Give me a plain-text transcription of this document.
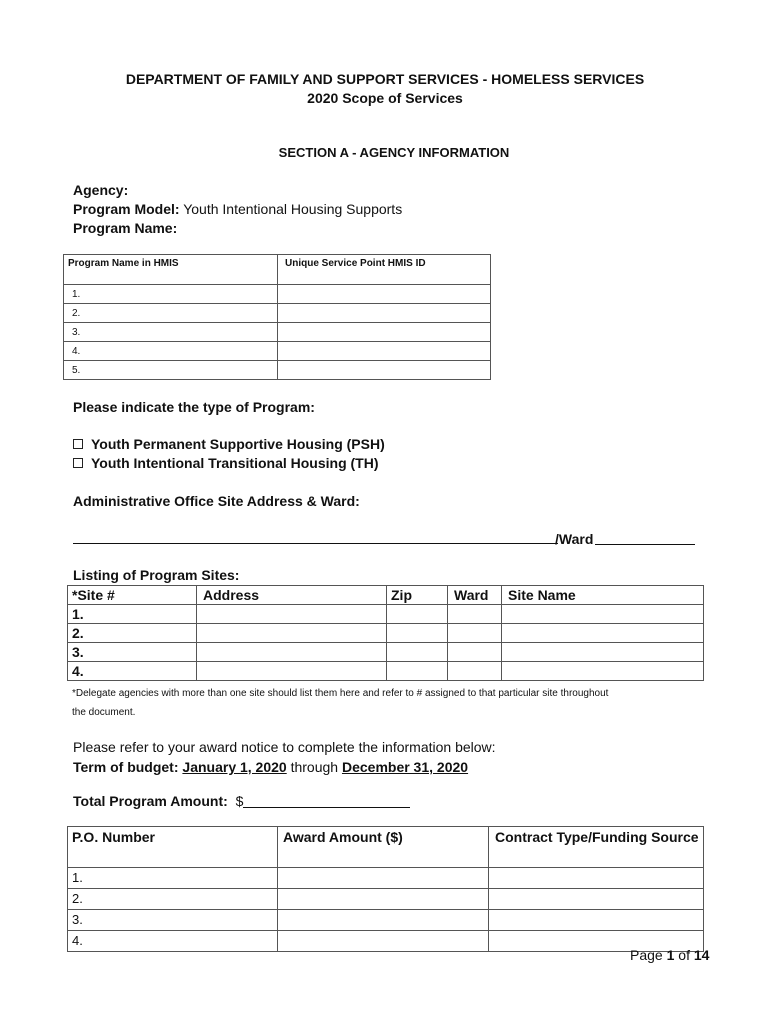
DEPARTMENT OF FAMILY AND SUPPORT SERVICES - HOMELESS SERVICES
2020 Scope of Services
SECTION A - AGENCY INFORMATION
Agency:
Program Model: Youth Intentional Housing Supports
Program Name:
Program Name in HMIS	Unique Service Point HMIS ID
1.	
2.	
3.	
4.	
5.	
Please indicate the type of Program:
Youth Permanent Supportive Housing (PSH)
Youth Intentional Transitional Housing (TH)
Administrative Office Site Address & Ward:
/Ward
Listing of Program Sites:
*Site #	Address	Zip	Ward	Site Name
1.				
2.				
3.				
4.				
*Delegate agencies with more than one site should list them here and refer to # assigned to that particular site throughout
the document.
Please refer to your award notice to complete the information below:
Term of budget: January 1, 2020 through December 31, 2020
Total Program Amount: $
P.O. Number	Award Amount ($)	Contract Type/Funding Source
1.		
2.		
3.		
4.		
Page 1 of 14
